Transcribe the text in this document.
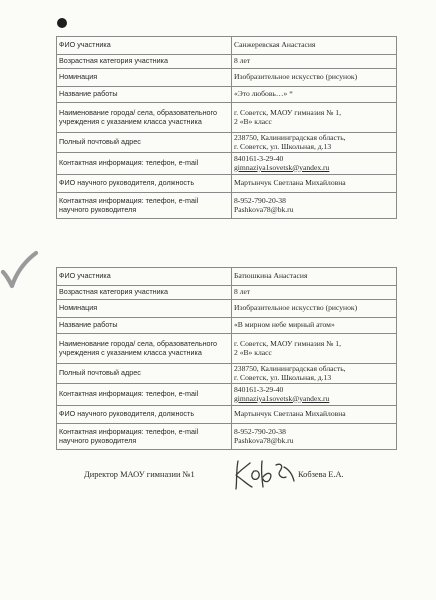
ФИО участника	Санжеревская Анастасия

Возрастная категория участника	8 лет

Номинация	Изобразительное искусство (рисунок)

Название работы	«Это любовь…» *
Наименование города/ села, образовательного учреждения с указанием класса участника	г. Советск, МАОУ гимназия № 1,
2 «В» класс

Полный почтовый адрес	238750, Калининградская область,
г. Советск, ул. Школьная, д.13

Контактная информация: телефон, e-mail	840161-3-29-40
gimnaziya1sovetsk@yandex.ru

ФИО научного руководителя, должность	Мартынчук Светлана Михайловна

Контактная информация: телефон, e-mail научного руководителя	8-952-790-20-38
Pashkova78@bk.ru
ФИО участника	Батюшкина Анастасия

Возрастная категория участника	8 лет

Номинация	Изобразительное искусство (рисунок)

Название работы	«В мирном небе мирный атом»

Наименование города/ села, образовательного учреждения с указанием класса участника	г. Советск, МАОУ гимназия № 1,
2 «В» класс

Полный почтовый адрес	238750, Калининградская область,
г. Советск, ул. Школьная, д.13

Контактная информация: телефон, e-mail	840161-3-29-40
gimnaziya1sovetsk@yandex.ru

ФИО научного руководителя, должность	Мартынчук Светлана Михайловна

Контактная информация: телефон, e-mail научного руководителя	8-952-790-20-38
Pashkova78@bk.ru
Директор МАОУ гимназии №1	Кобзева Е.А.
